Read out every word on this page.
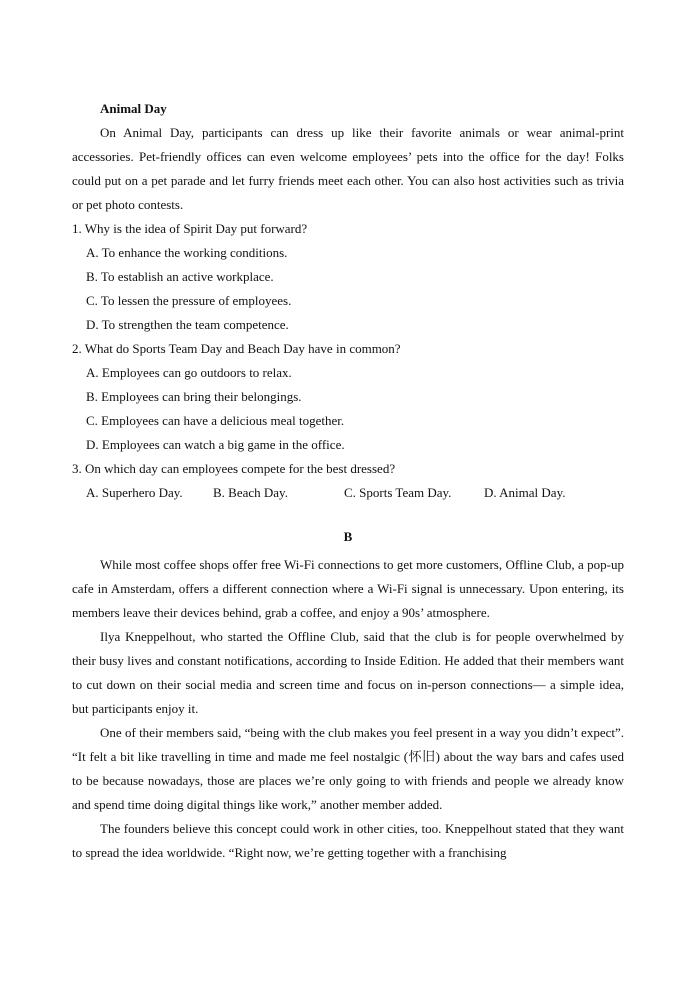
Animal Day
On Animal Day, participants can dress up like their favorite animals or wear animal-print accessories. Pet-friendly offices can even welcome employees’ pets into the office for the day! Folks could put on a pet parade and let furry friends meet each other. You can also host activities such as trivia or pet photo contests.
1. Why is the idea of Spirit Day put forward?
A. To enhance the working conditions.
B. To establish an active workplace.
C. To lessen the pressure of employees.
D. To strengthen the team competence.
2. What do Sports Team Day and Beach Day have in common?
A. Employees can go outdoors to relax.
B. Employees can bring their belongings.
C. Employees can have a delicious meal together.
D. Employees can watch a big game in the office.
3. On which day can employees compete for the best dressed?
A. Superhero Day. B. Beach Day.	C. Sports Team Day.	D. Animal Day.
B
While most coffee shops offer free Wi-Fi connections to get more customers, Offline Club, a pop-up cafe in Amsterdam, offers a different connection where a Wi-Fi signal is unnecessary. Upon entering, its members leave their devices behind, grab a coffee, and enjoy a 90s’ atmosphere.
Ilya Kneppelhout, who started the Offline Club, said that the club is for people overwhelmed by their busy lives and constant notifications, according to Inside Edition. He added that their members want to cut down on their social media and screen time and focus on in-person connections— a simple idea, but participants enjoy it.
One of their members said, “being with the club makes you feel present in a way you didn’t expect”. “It felt a bit like travelling in time and made me feel nostalgic (怀旧) about the way bars and cafes used to be because nowadays, those are places we’re only going to with friends and people we already know and spend time doing digital things like work,” another member added.
The founders believe this concept could work in other cities, too. Kneppelhout stated that they want to spread the idea worldwide. “Right now, we’re getting together with a franchising
